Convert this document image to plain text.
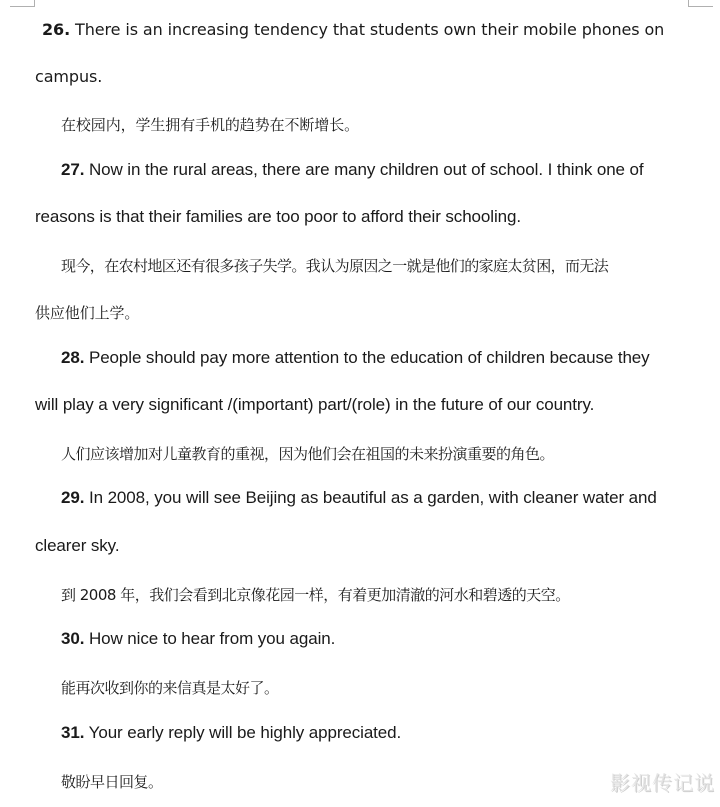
26. There is an increasing tendency that students own their mobile phones on
campus.
在校园内，学生拥有手机的趋势在不断增长。
27. Now in the rural areas, there are many children out of school. I think one of
reasons is that their families are too poor to afford their schooling.
现今，在农村地区还有很多孩子失学。我认为原因之一就是他们的家庭太贫困，而无法
供应他们上学。
28. People should pay more attention to the education of children because they
will play a very significant /(important) part/(role) in the future of our country.
人们应该增加对儿童教育的重视，因为他们会在祖国的未来扮演重要的角色。
29. In 2008, you will see Beijing as beautiful as a garden, with cleaner water and
clearer sky.
到 2008 年，我们会看到北京像花园一样，有着更加清澈的河水和碧透的天空。
30. How nice to hear from you again.
能再次收到你的来信真是太好了。
31. Your early reply will be highly appreciated.
敬盼早日回复。	影视传记说
